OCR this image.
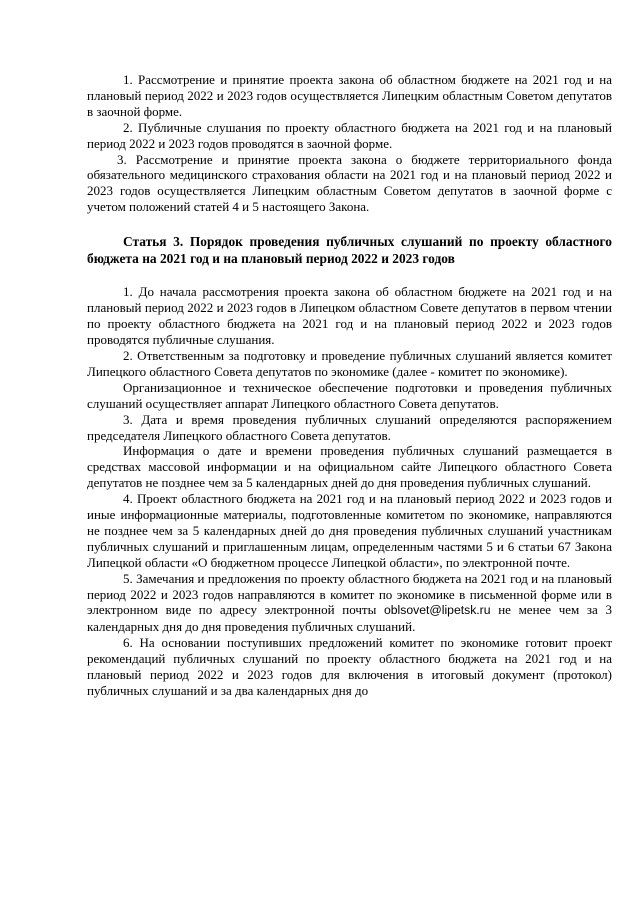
1. Рассмотрение и принятие проекта закона об областном бюджете на 2021 год и на плановый период 2022 и 2023 годов осуществляется Липецким областным Советом депутатов в заочной форме.

2. Публичные слушания по проекту областного бюджета на 2021 год и на плановый период 2022 и 2023 годов проводятся в заочной форме.

3. Рассмотрение и принятие проекта закона о бюджете территориального фонда обязательного медицинского страхования области на 2021 год и на плановый период 2022 и 2023 годов осуществляется Липецким областным Советом депутатов в заочной форме с учетом положений статей 4 и 5 настоящего Закона.

Статья 3. Порядок проведения публичных слушаний по проекту областного бюджета на 2021 год и на плановый период 2022 и 2023 годов

1. До начала рассмотрения проекта закона об областном бюджете на 2021 год и на плановый период 2022 и 2023 годов в Липецком областном Совете депутатов в первом чтении по проекту областного бюджета на 2021 год и на плановый период 2022 и 2023 годов проводятся публичные слушания.

2. Ответственным за подготовку и проведение публичных слушаний является комитет Липецкого областного Совета депутатов по экономике (далее - комитет по экономике).

Организационное и техническое обеспечение подготовки и проведения публичных слушаний осуществляет аппарат Липецкого областного Совета депутатов.

3. Дата и время проведения публичных слушаний определяются распоряжением председателя Липецкого областного Совета депутатов.

Информация о дате и времени проведения публичных слушаний размещается в средствах массовой информации и на официальном сайте Липецкого областного Совета депутатов не позднее чем за 5 календарных дней до дня проведения публичных слушаний.

4. Проект областного бюджета на 2021 год и на плановый период 2022 и 2023 годов и иные информационные материалы, подготовленные комитетом по экономике, направляются не позднее чем за 5 календарных дней до дня проведения публичных слушаний участникам публичных слушаний и приглашенным лицам, определенным частями 5 и 6 статьи 67 Закона Липецкой области «О бюджетном процессе Липецкой области», по электронной почте.

5. Замечания и предложения по проекту областного бюджета на 2021 год и на плановый период 2022 и 2023 годов направляются в комитет по экономике в письменной форме или в электронном виде по адресу электронной почты oblsovet@lipetsk.ru не менее чем за 3 календарных дня до дня проведения публичных слушаний.

6. На основании поступивших предложений комитет по экономике готовит проект рекомендаций публичных слушаний по проекту областного бюджета на 2021 год и на плановый период 2022 и 2023 годов для включения в итоговый документ (протокол) публичных слушаний и за два календарных дня до
